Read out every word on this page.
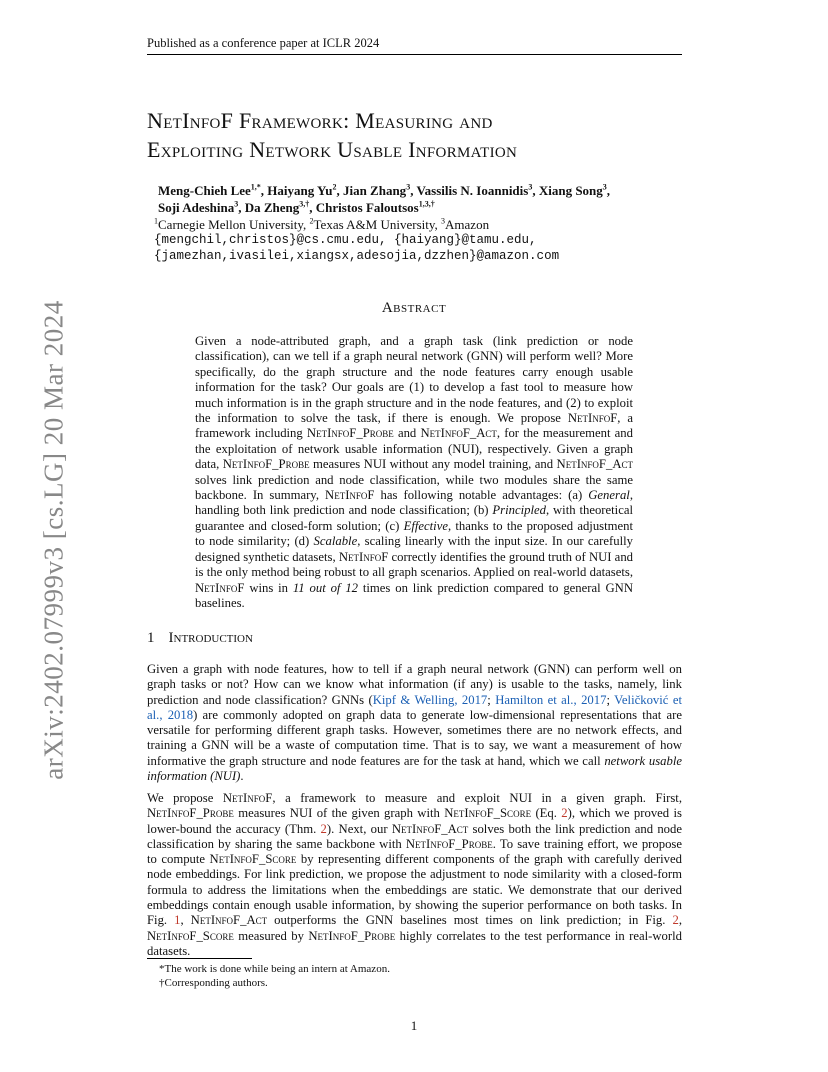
Published as a conference paper at ICLR 2024
NetInfoF Framework: Measuring and
Exploiting Network Usable Information
Meng-Chieh Lee$^{1,*}$, Haiyang Yu$^2$, Jian Zhang$^3$, Vassilis N. Ioannidis$^3$, Xiang Song$^3$,
Soji Adeshina$^3$, Da Zheng$^{3,\dagger}$, Christos Faloutsos$^{1,3,\dagger}$
$^1$Carnegie Mellon University, $^2$Texas A&M University, $^3$Amazon
{mengchil,christos}@cs.cmu.edu, {haiyang}@tamu.edu,
{jamezhan,ivasilei,xiangsx,adesojia,dzzhen}@amazon.com
arXiv:2402.07999v3 [cs.LG] 20 Mar 2024	Abstract
Given a node-attributed graph, and a graph task (link prediction or node classification), can we tell if a graph neural network (GNN) will perform well? More specifically, do the graph structure and the node features carry enough usable information for the task? Our goals are (1) to develop a fast tool to measure how much information is in the graph structure and in the node features, and (2) to exploit the information to solve the task, if there is enough. We propose NetInfoF, a framework including NetInfoF_Probe and NetInfoF_Act, for the measurement and the exploitation of network usable information (NUI), respectively. Given a graph data, NetInfoF_Probe measures NUI without any model training, and NetInfoF_Act solves link prediction and node classification, while two modules share the same backbone. In summary, NetInfoF has following notable advantages: (a) General, handling both link prediction and node classification; (b) Principled, with theoretical guarantee and closed-form solution; (c) Effective, thanks to the proposed adjustment to node similarity; (d) Scalable, scaling linearly with the input size. In our carefully designed synthetic datasets, NetInfoF correctly identifies the ground truth of NUI and is the only method being robust to all graph scenarios. Applied on real-world datasets, NetInfoF wins in 11 out of 12 times on link prediction compared to general GNN baselines.
1 Introduction
Given a graph with node features, how to tell if a graph neural network (GNN) can perform well on graph tasks or not? How can we know what information (if any) is usable to the tasks, namely, link prediction and node classification? GNNs (Kipf & Welling, 2017; Hamilton et al., 2017; Veličković et al., 2018) are commonly adopted on graph data to generate low-dimensional representations that are versatile for performing different graph tasks. However, sometimes there are no network effects, and training a GNN will be a waste of computation time. That is to say, we want a measurement of how informative the graph structure and node features are for the task at hand, which we call network usable information (NUI).
We propose NetInfoF, a framework to measure and exploit NUI in a given graph. First, NetInfoF_Probe measures NUI of the given graph with NetInfoF_Score (Eq. 2), which we proved is lower-bound the accuracy (Thm. 2). Next, our NetInfoF_Act solves both the link prediction and node classification by sharing the same backbone with NetInfoF_Probe. To save training effort, we propose to compute NetInfoF_Score by representing different components of the graph with carefully derived node embeddings. For link prediction, we propose the adjustment to node similarity with a closed-form formula to address the limitations when the embeddings are static. We demonstrate that our derived embeddings contain enough usable information, by showing the superior performance on both tasks. In Fig. 1, NetInfoF_Act outperforms the GNN baselines most times on link prediction; in Fig. 2, NetInfoF_Score measured by NetInfoF_Probe highly correlates to the test performance in real-world datasets.
*The work is done while being an intern at Amazon.
†Corresponding authors.
1
